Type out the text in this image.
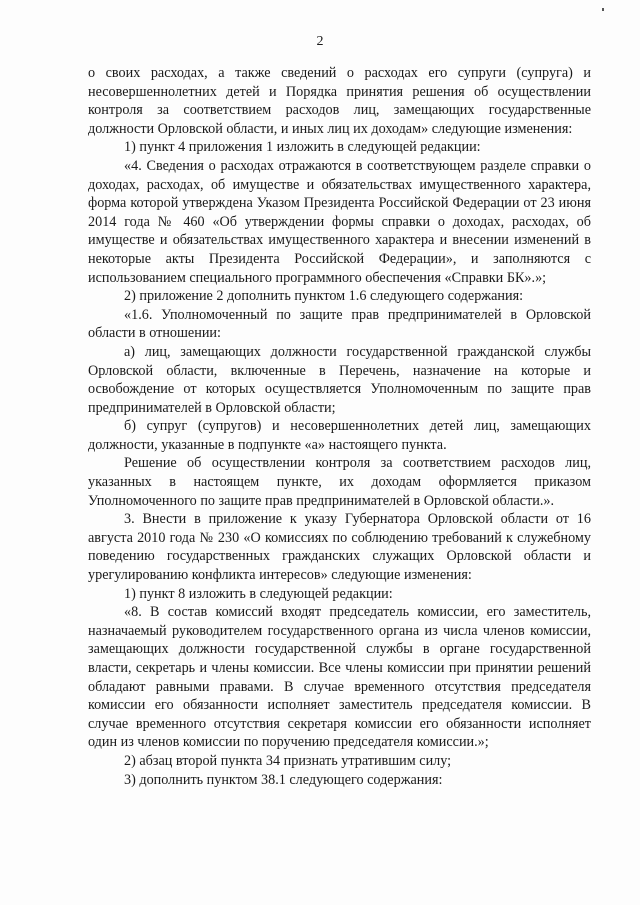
2

о своих расходах, а также сведений о расходах его супруги (супруга) и несовершеннолетних детей и Порядка принятия решения об осуществлении контроля за соответствием расходов лиц, замещающих государственные должности Орловской области, и иных лиц их доходам» следующие изменения:

1) пункт 4 приложения 1 изложить в следующей редакции:

«4. Сведения о расходах отражаются в соответствующем разделе справки о доходах, расходах, об имуществе и обязательствах имущественного характера, форма которой утверждена Указом Президента Российской Федерации от 23 июня 2014 года № 460 «Об утверждении формы справки о доходах, расходах, об имуществе и обязательствах имущественного характера и внесении изменений в некоторые акты Президента Российской Федерации», и заполняются с использованием специального программного обеспечения «Справки БК».»;

2) приложение 2 дополнить пунктом 1.6 следующего содержания:

«1.6. Уполномоченный по защите прав предпринимателей в Орловской области в отношении:

а) лиц, замещающих должности государственной гражданской службы Орловской области, включенные в Перечень, назначение на которые и освобождение от которых осуществляется Уполномоченным по защите прав предпринимателей в Орловской области;

б) супруг (супругов) и несовершеннолетних детей лиц, замещающих должности, указанные в подпункте «а» настоящего пункта.

Решение об осуществлении контроля за соответствием расходов лиц, указанных в настоящем пункте, их доходам оформляется приказом Уполномоченного по защите прав предпринимателей в Орловской области.».

3. Внести в приложение к указу Губернатора Орловской области от 16 августа 2010 года № 230 «О комиссиях по соблюдению требований к служебному поведению государственных гражданских служащих Орловской области и урегулированию конфликта интересов» следующие изменения:

1) пункт 8 изложить в следующей редакции:

«8. В состав комиссий входят председатель комиссии, его заместитель, назначаемый руководителем государственного органа из числа членов комиссии, замещающих должности государственной службы в органе государственной власти, секретарь и члены комиссии. Все члены комиссии при принятии решений обладают равными правами. В случае временного отсутствия председателя комиссии его обязанности исполняет заместитель председателя комиссии. В случае временного отсутствия секретаря комиссии его обязанности исполняет один из членов комиссии по поручению председателя комиссии.»;

2) абзац второй пункта 34 признать утратившим силу;

3) дополнить пунктом 38.1 следующего содержания:
